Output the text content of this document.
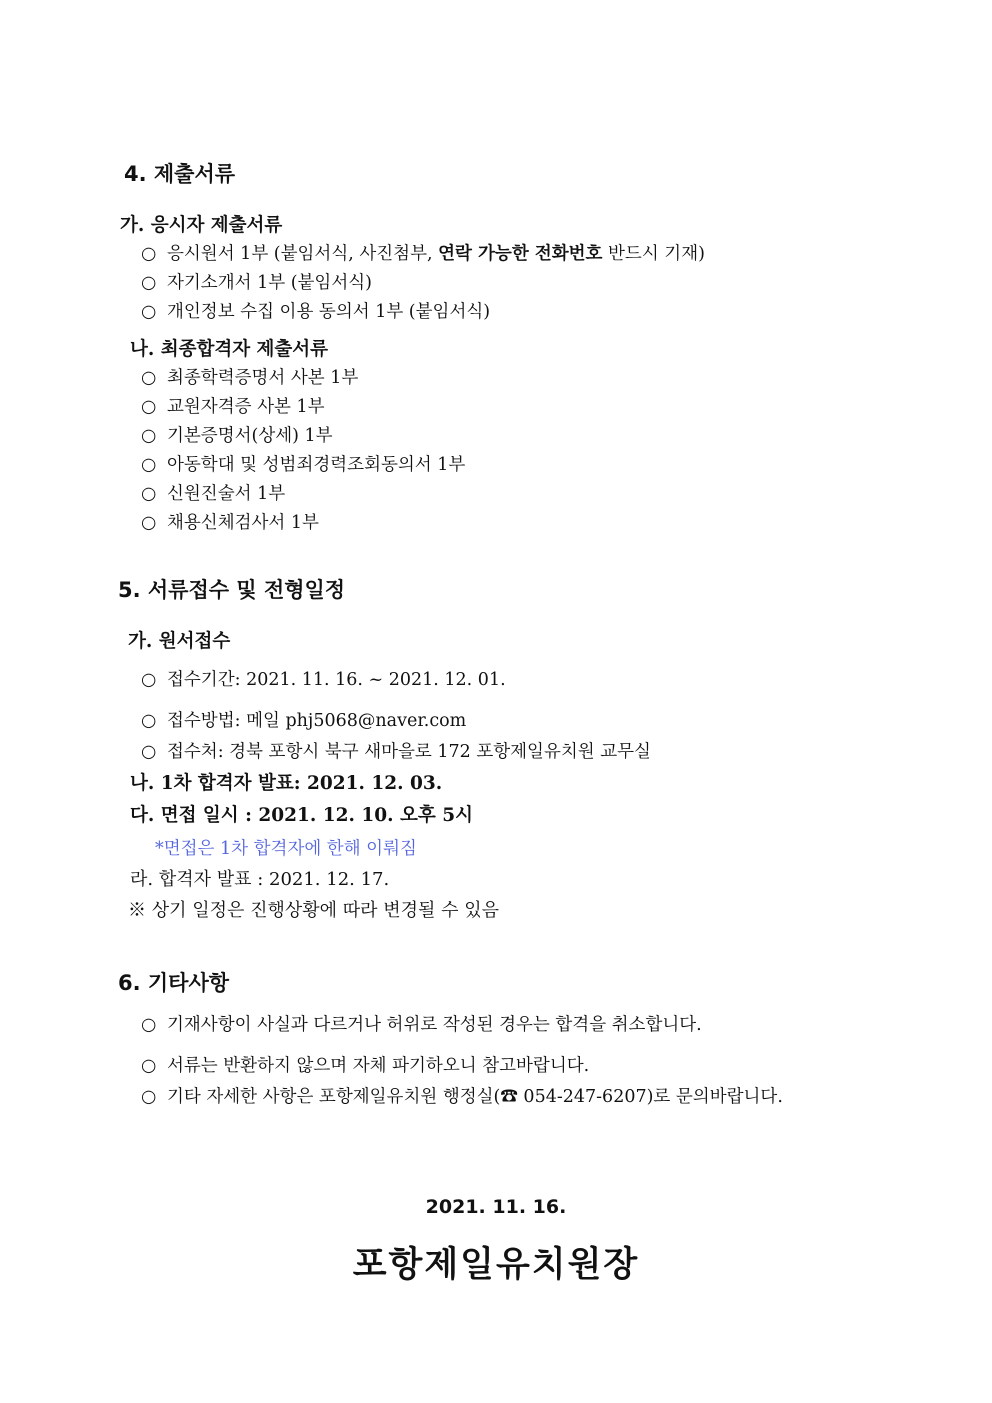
4. 제출서류
가. 응시자 제출서류
○ 응시원서 1부 (붙임서식, 사진첨부, 연락 가능한 전화번호 반드시 기재)
○ 자기소개서 1부 (붙임서식)
○ 개인정보 수집 이용 동의서 1부 (붙임서식)
나. 최종합격자 제출서류
○ 최종학력증명서 사본 1부
○ 교원자격증 사본 1부
○ 기본증명서(상세) 1부
○ 아동학대 및 성범죄경력조회동의서 1부
○ 신원진술서 1부
○ 채용신체검사서 1부
5. 서류접수 및 전형일정
가. 원서접수
○ 접수기간: 2021. 11. 16. ~ 2021. 12. 01.
○ 접수방법: 메일 phj5068@naver.com
○ 접수처: 경북 포항시 북구 새마을로 172 포항제일유치원 교무실
나. 1차 합격자 발표: 2021. 12. 03.
다. 면접 일시 : 2021. 12. 10. 오후 5시
*면접은 1차 합격자에 한해 이뤄짐
라. 합격자 발표 : 2021. 12. 17.
※ 상기 일정은 진행상황에 따라 변경될 수 있음
6. 기타사항
○ 기재사항이 사실과 다르거나 허위로 작성된 경우는 합격을 취소합니다.
○ 서류는 반환하지 않으며 자체 파기하오니 참고바랍니다.
○ 기타 자세한 사항은 포항제일유치원 행정실(☎ 054-247-6207)로 문의바랍니다.
2021. 11. 16.
포항제일유치원장
